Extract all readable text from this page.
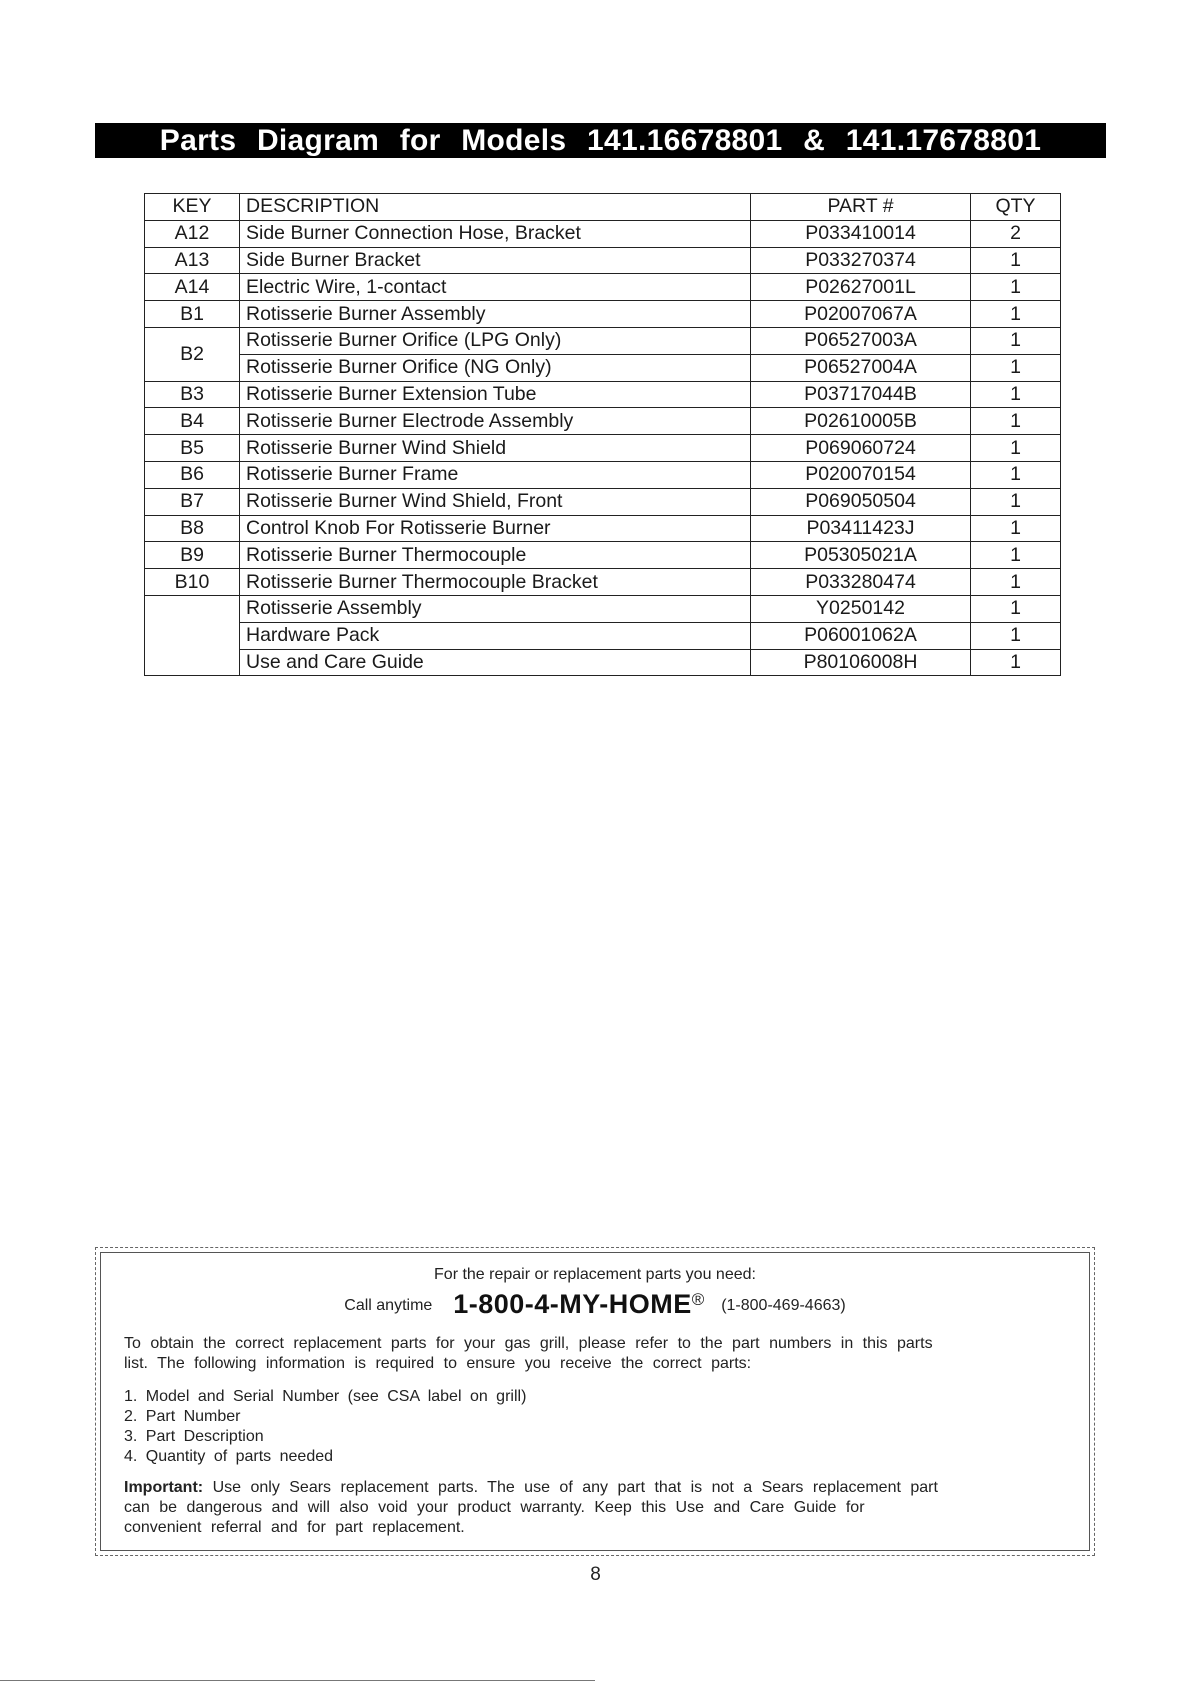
Parts Diagram for Models 141.16678801 & 141.17678801
KEY	DESCRIPTION	PART #	QTY
A12	Side Burner Connection Hose, Bracket	P033410014	2
A13	Side Burner Bracket	P033270374	1
A14	Electric Wire, 1-contact	P02627001L	1
B1	Rotisserie Burner Assembly	P02007067A	1
B2	Rotisserie Burner Orifice (LPG Only)	P06527003A	1
	Rotisserie Burner Orifice (NG Only)	P06527004A	1
B3	Rotisserie Burner Extension Tube	P03717044B	1
B4	Rotisserie Burner Electrode Assembly	P02610005B	1
B5	Rotisserie Burner Wind Shield	P069060724	1
B6	Rotisserie Burner Frame	P020070154	1
B7	Rotisserie Burner Wind Shield, Front	P069050504	1
B8	Control Knob For Rotisserie Burner	P03411423J	1
B9	Rotisserie Burner Thermocouple	P05305021A	1
B10	Rotisserie Burner Thermocouple Bracket	P033280474	1
	Rotisserie Assembly	Y0250142	1
	Hardware Pack	P06001062A	1
	Use and Care Guide	P80106008H	1
For the repair or replacement parts you need:
Call anytime 1-800-4-MY-HOME® (1-800-469-4663)
To obtain the correct replacement parts for your gas grill, please refer to the part numbers in this parts
list. The following information is required to ensure you receive the correct parts:
1. Model and Serial Number (see CSA label on grill)
2. Part Number
3. Part Description
4. Quantity of parts needed
Important: Use only Sears replacement parts. The use of any part that is not a Sears replacement part
can be dangerous and will also void your product warranty. Keep this Use and Care Guide for
convenient referral and for part replacement.
8
